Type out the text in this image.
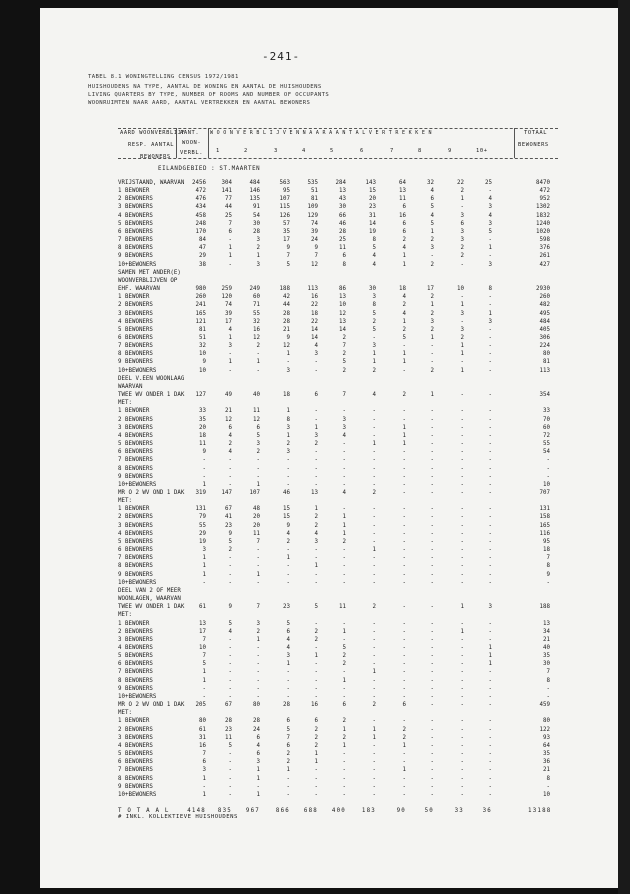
-241-
TABEL 8.1 WONINGTELLING CENSUS 1972/1981
HUISHOUDENS NA TYPE, AANTAL DE WONING EN AANTAL DE HUISHOUDENS
LIVING QUARTERS BY TYPE, NUMBER OF ROOMS AND NUMBER OF OCCUPANTS
WOONRUIMTEN NAAR AARD, AANTAL VERTREKKEN EN AANTAL BEWONERS
AARD WOONVERBLIJF
RESP. AANTAL
BEWONERS
AANT.
WOON-
VERBL.
W O O N V E R B L I J V E N N A A R A A N T A L V E R T R E K K E N	TOTAAL
BEWONERS
1	2	3	4	5	6	7	8	9	10+
EILANDGEBIED : ST.MAARTEN
VRIJSTAAND, WAARVAN	2456	304	484	563	535	284	143	64	32	22	25	8470
1 BEWONER	472	141	146	95	51	13	15	13	4	2	-	472
2 BEWONERS	476	77	135	107	81	43	20	11	6	1	4	952
3 BEWONERS	434	44	91	115	109	30	23	6	5	-	3	1302
4 BEWONERS	458	25	54	126	129	66	31	16	4	3	4	1832
5 BEWONERS	248	7	30	57	74	46	14	6	5	6	3	1240
6 BEWONERS	170	6	28	35	39	28	19	6	1	3	5	1020
7 BEWONERS	84	-	3	17	24	25	8	2	2	3	-	598
8 BEWONERS	47	1	2	9	9	11	5	4	3	2	1	376
9 BEWONERS	29	1	1	7	7	6	4	1	-	2	-	261
10+BEWONERS	38	-	3	5	12	8	4	1	2	-	3	427
SAMEN MET ANDER(E)
WOONVERBLIJVEN OP
EHF. WAARVAN	980	259	249	188	113	86	30	18	17	10	8	2930
1 BEWONER	260	120	60	42	16	13	3	4	2	-	-	260
2 BEWONERS	241	74	71	44	22	10	8	2	1	1	-	482
3 BEWONERS	165	39	55	28	18	12	5	4	2	3	1	495
4 BEWONERS	121	17	32	28	22	13	2	1	3	-	3	484
5 BEWONERS	81	4	16	21	14	14	5	2	2	3	-	405
6 BEWONERS	51	1	12	9	14	2	-	5	1	2	-	306
7 BEWONERS	32	3	2	12	4	7	3	-	-	1	-	224
8 BEWONERS	10	-	-	1	3	2	1	1	-	1	-	80
9 BEWONERS	9	1	1	-	-	5	1	1	-	-	-	81
10+BEWONERS	10	-	-	3	-	2	2	-	2	1	-	113
DEEL V.EEN WOONLAAG
WAARVAN
TWEE WV ONDER 1 DAK	127	49	40	18	6	7	4	2	1	-	-	354
MET:
1 BEWONER	33	21	11	1	-	-	-	-	-	-	-	33
2 BEWONERS	35	12	12	8	-	3	-	-	-	-	-	70
3 BEWONERS	20	6	6	3	1	3	-	1	-	-	-	60
4 BEWONERS	18	4	5	1	3	4	-	1	-	-	-	72
5 BEWONERS	11	2	3	2	2	-	1	1	-	-	-	55
6 BEWONERS	9	4	2	3	-	-	-	-	-	-	-	54
7 BEWONERS	-	-	-	-	-	-	-	-	-	-	-	-
8 BEWONERS	-	-	-	-	-	-	-	-	-	-	-	-
9 BEWONERS	-	-	-	-	-	-	-	-	-	-	-	-
10+BEWONERS	1	-	1	-	-	-	-	-	-	-	-	10
MR O 2 WV OND 1 DAK	319	147	107	46	13	4	2	-	-	-	-	707
MET:
1 BEWONER	131	67	48	15	1	-	-	-	-	-	-	131
2 BEWONERS	79	41	20	15	2	1	-	-	-	-	-	158
3 BEWONERS	55	23	20	9	2	1	-	-	-	-	-	165
4 BEWONERS	29	9	11	4	4	1	-	-	-	-	-	116
5 BEWONERS	19	5	7	2	3	2	-	-	-	-	-	95
6 BEWONERS	3	2	-	-	-	-	1	-	-	-	-	18
7 BEWONERS	1	-	-	1	-	-	-	-	-	-	-	7
8 BEWONERS	1	-	-	-	1	-	-	-	-	-	-	8
9 BEWONERS	1	-	1	-	-	-	-	-	-	-	-	9
10+BEWONERS	-	-	-	-	-	-	-	-	-	-	-	-
DEEL VAN 2 OF MEER
WOONLAGEN, WAARVAN
TWEE WV ONDER 1 DAK	61	9	7	23	5	11	2	-	-	1	3	188
MET:
1 BEWONER	13	5	3	5	-	-	-	-	-	-	-	13
2 BEWONERS	17	4	2	6	2	1	-	-	-	1	-	34
3 BEWONERS	7	-	1	4	2	-	-	-	-	-	-	21
4 BEWONERS	10	-	-	4	-	5	-	-	-	-	1	40
5 BEWONERS	7	-	-	3	1	2	-	-	-	-	1	35
6 BEWONERS	5	-	-	1	-	2	-	-	-	-	1	30
7 BEWONERS	1	-	-	-	-	-	1	-	-	-	-	7
8 BEWONERS	1	-	-	-	-	1	-	-	-	-	-	8
9 BEWONERS	-	-	-	-	-	-	-	-	-	-	-	-
10+BEWONERS	-	-	-	-	-	-	-	-	-	-	-	-
MR O 2 WV OND 1 DAK	205	67	80	28	16	6	2	6	-	-	-	459
MET:
1 BEWONER	80	28	28	6	6	2	-	-	-	-	-	80
2 BEWONERS	61	23	24	5	2	1	1	2	-	-	-	122
3 BEWONERS	31	11	6	7	2	2	1	2	-	-	-	93
4 BEWONERS	16	5	4	6	2	1	-	1	-	-	-	64
5 BEWONERS	7	-	6	2	1	-	-	-	-	-	-	35
6 BEWONERS	6	-	3	2	1	-	-	-	-	-	-	36
7 BEWONERS	3	-	1	1	-	-	-	1	-	-	-	21
8 BEWONERS	1	-	1	-	-	-	-	-	-	-	-	8
9 BEWONERS	-	-	-	-	-	-	-	-	-	-	-	-
10+BEWONERS	1	-	1	-	-	-	-	-	-	-	-	10
T O T A A L	4148	835	967	866	688	400	183	90	50	33	36	13188
# INKL. KOLLEKTIEVE HUISHOUDENS
